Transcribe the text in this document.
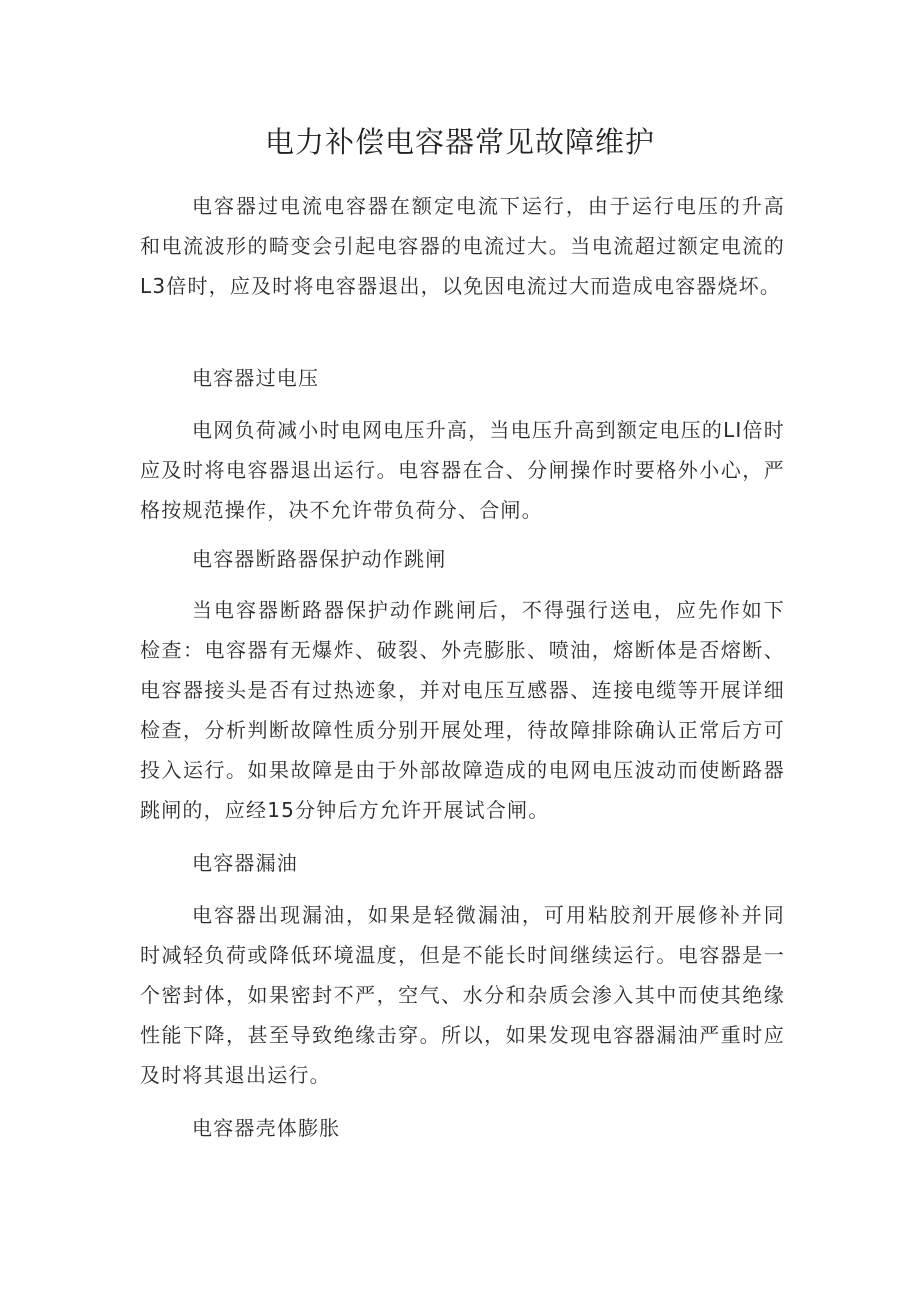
电力补偿电容器常见故障维护

电容器过电流电容器在额定电流下运行，由于运行电压的升高和电流波形的畸变会引起电容器的电流过大。当电流超过额定电流的L3倍时，应及时将电容器退出，以免因电流过大而造成电容器烧坏。

电容器过电压

电网负荷减小时电网电压升高，当电压升高到额定电压的LI倍时应及时将电容器退出运行。电容器在合、分闸操作时要格外小心，严格按规范操作，决不允许带负荷分、合闸。

电容器断路器保护动作跳闸

当电容器断路器保护动作跳闸后，不得强行送电，应先作如下检查：电容器有无爆炸、破裂、外壳膨胀、喷油，熔断体是否熔断、电容器接头是否有过热迹象，并对电压互感器、连接电缆等开展详细检查，分析判断故障性质分别开展处理，待故障排除确认正常后方可投入运行。如果故障是由于外部故障造成的电网电压波动而使断路器跳闸的，应经15分钟后方允许开展试合闸。

电容器漏油

电容器出现漏油，如果是轻微漏油，可用粘胶剂开展修补并同时减轻负荷或降低环境温度，但是不能长时间继续运行。电容器是一个密封体，如果密封不严，空气、水分和杂质会渗入其中而使其绝缘性能下降，甚至导致绝缘击穿。所以，如果发现电容器漏油严重时应及时将其退出运行。

电容器壳体膨胀
